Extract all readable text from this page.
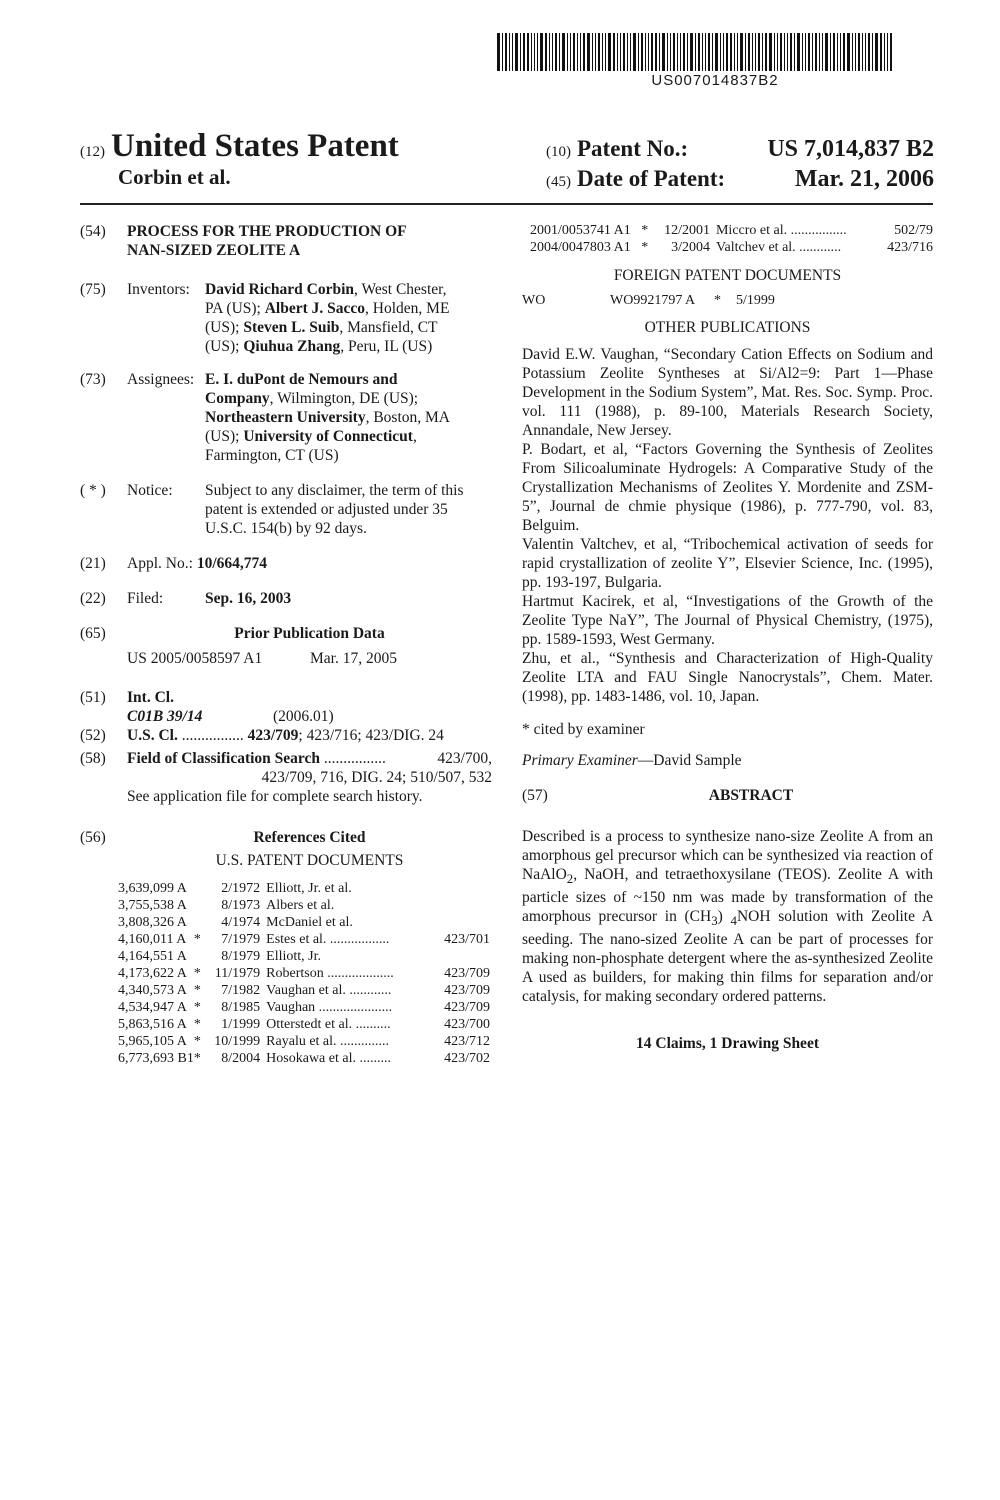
US007014837B2
(12) United States Patent
Corbin et al.
(10) Patent No.:	US 7,014,837 B2
(45) Date of Patent:	Mar. 21, 2006
(54)	PROCESS FOR THE PRODUCTION OF
NAN-SIZED ZEOLITE A
(75)	Inventors: David Richard Corbin, West Chester,
PA (US); Albert J. Sacco, Holden, ME
(US); Steven L. Suib, Mansfield, CT
(US); Qiuhua Zhang, Peru, IL (US)
(73)	Assignees: E. I. duPont de Nemours and
Company, Wilmington, DE (US);
Northeastern University, Boston, MA
(US); University of Connecticut,
Farmington, CT (US)
( * )	Notice:	Subject to any disclaimer, the term of this
patent is extended or adjusted under 35
U.S.C. 154(b) by 92 days.
(21)	Appl. No.: 10/664,774
(22)	Filed:	Sep. 16, 2003
(65)	Prior Publication Data
US 2005/0058597 A1	Mar. 17, 2005
(51)	Int. Cl.
C01B 39/14	(2006.01)
(52)	U.S. Cl. ................ 423/709; 423/716; 423/DIG. 24
(58)	Field of Classification Search ................	423/700,
423/709, 716, DIG. 24; 510/507, 532
See application file for complete search history.
(56)	References Cited
U.S. PATENT DOCUMENTS
3,639,099 A		2/1972	Elliott, Jr. et al.	
3,755,538 A		8/1973	Albers et al.	
3,808,326 A		4/1974	McDaniel et al.	
4,160,011 A	*	7/1979	Estes et al. .................	423/701
4,164,551 A		8/1979	Elliott, Jr.	
4,173,622 A	*	11/1979	Robertson ...................	423/709
4,340,573 A	*	7/1982	Vaughan et al. ............	423/709
4,534,947 A	*	8/1985	Vaughan .....................	423/709
5,863,516 A	*	1/1999	Otterstedt et al. ..........	423/700
5,965,105 A	*	10/1999	Rayalu et al. ..............	423/712
6,773,693 B1	*	8/2004	Hosokawa et al. .........	423/702
2001/0053741 A1	*	12/2001	Miccro et al. ................	502/79
2004/0047803 A1	*	3/2004	Valtchev et al. ............	423/716
FOREIGN PATENT DOCUMENTS
WO	WO9921797 A	*	5/1999
OTHER PUBLICATIONS

David E.W. Vaughan, “Secondary Cation Effects on Sodium and Potassium Zeolite Syntheses at Si/Al2=9: Part 1—Phase Development in the Sodium System”, Mat. Res. Soc. Symp. Proc. vol. 111 (1988), p. 89-100, Materials Research Society, Annandale, New Jersey.

P. Bodart, et al, “Factors Governing the Synthesis of Zeolites From Silicoaluminate Hydrogels: A Comparative Study of the Crystallization Mechanisms of Zeolites Y. Mordenite and ZSM-5”, Journal de chmie physique (1986), p. 777-790, vol. 83, Belguim.

Valentin Valtchev, et al, “Tribochemical activation of seeds for rapid crystallization of zeolite Y”, Elsevier Science, Inc. (1995), pp. 193-197, Bulgaria.

Hartmut Kacirek, et al, “Investigations of the Growth of the Zeolite Type NaY”, The Journal of Physical Chemistry, (1975), pp. 1589-1593, West Germany.

Zhu, et al., “Synthesis and Characterization of High-Quality Zeolite LTA and FAU Single Nanocrystals”, Chem. Mater. (1998), pp. 1483-1486, vol. 10, Japan.

* cited by examiner
Primary Examiner—David Sample
(57)	ABSTRACT
Described is a process to synthesize nano-size Zeolite A from an amorphous gel precursor which can be synthesized via reaction of NaAlO$_2$, NaOH, and tetraethoxysilane (TEOS). Zeolite A with particle sizes of ~150 nm was made by transformation of the amorphous precursor in $(CH_3)$ $_4$NOH solution with Zeolite A seeding. The nano-sized Zeolite A can be part of processes for making non-phosphate detergent where the as-synthesized Zeolite A used as builders, for making thin films for separation and/or catalysis, for making secondary ordered patterns.
14 Claims, 1 Drawing Sheet
